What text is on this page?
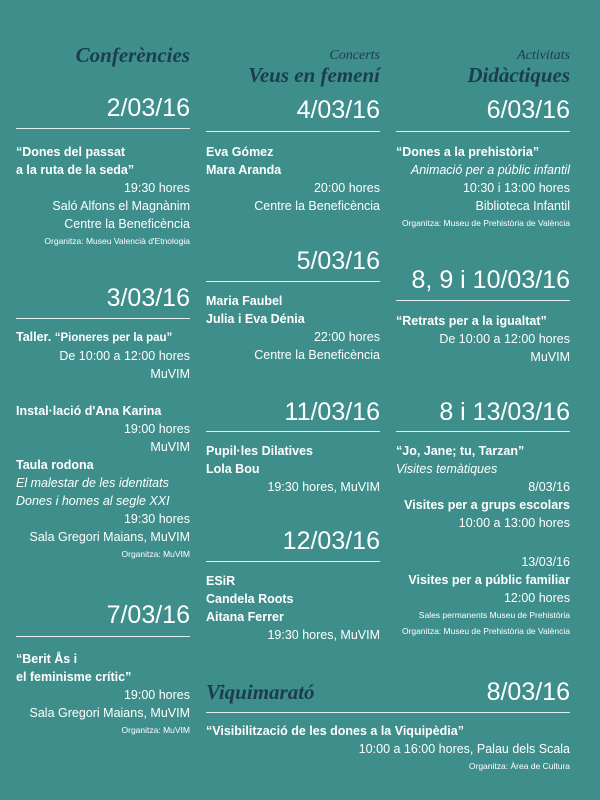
Conferències
2/03/16
“Dones del passat
a la ruta de la seda”
19:30 hores
Saló Alfons el Magnànim
Centre la Beneficència
Organitza: Museu Valencià d'Etnologia
3/03/16
Taller. “Pioneres per la pau”
De 10:00 a 12:00 hores
MuVIM
Instal·lació d'Ana Karina
19:00 hores
MuVIM
Taula rodona
El malestar de les identitats
Dones i homes al segle XXI
19:30 hores
Sala Gregori Maians, MuVIM
Organitza: MuVIM
7/03/16
“Berit Ås i
el feminisme crític”
19:00 hores
Sala Gregori Maians, MuVIM
Organitza: MuVIM
Concerts
Veus en femení
4/03/16
Eva Gómez
Mara Aranda
20:00 hores
Centre la Beneficència
5/03/16
Maria Faubel
Julia i Eva Dénia
22:00 hores
Centre la Beneficència
11/03/16
Pupil·les Dilatives
Lola Bou
19:30 hores, MuVIM
12/03/16
ESiR
Candela Roots
Aitana Ferrer
19:30 hores, MuVIM
Activitats
Didàctiques
6/03/16
“Dones a la prehistòria”
Animació per a públic infantil
10:30 i 13:00 hores
Biblioteca Infantil
Organitza: Museu de Prehistòria de València
8, 9 i 10/03/16
“Retrats per a la igualtat”
De 10:00 a 12:00 hores
MuVIM
8 i 13/03/16
“Jo, Jane; tu, Tarzan”
Visites temàtiques
8/03/16
Visites per a grups escolars
10:00 a 13:00 hores
13/03/16
Visites per a públic familiar
12:00 hores
Sales permanents Museu de Prehistòria
Organitza: Museu de Prehistòria de València
Viquimarató	8/03/16
“Visibilització de les dones a la Viquipèdia”
10:00 a 16:00 hores, Palau dels Scala
Organitza: Àrea de Cultura
